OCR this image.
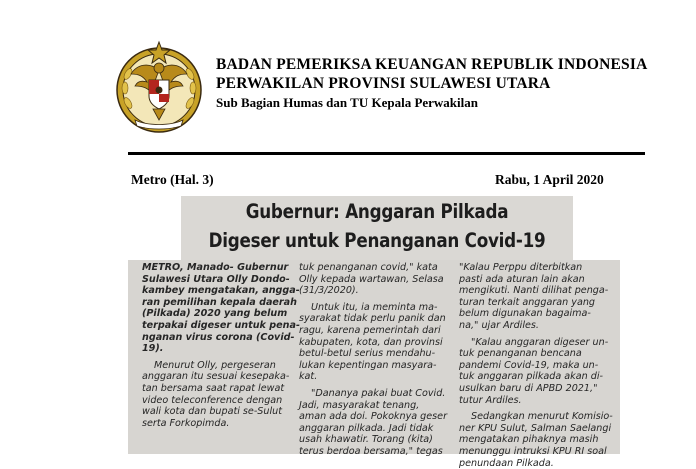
BADAN PEMERIKSA KEUANGAN REPUBLIK INDONESIA
PERWAKILAN PROVINSI SULAWESI UTARA
Sub Bagian Humas dan TU Kepala Perwakilan
Metro (Hal. 3)	Rabu, 1 April 2020
Gubernur: Anggaran Pilkada
Digeser untuk Penanganan Covid-19
METRO, Manado- Gubernur
Sulawesi Utara Olly Dondo-
kambey mengatakan, angga-
ran pemilihan kepala daerah
(Pilkada) 2020 yang belum
terpakai digeser untuk pena-
nganan virus corona (Covid-
19).
Menurut Olly, pergeseran
anggaran itu sesuai kesepaka-
tan bersama saat rapat lewat
video teleconference dengan
wali kota dan bupati se-Sulut
serta Forkopimda.
tuk penanganan covid," kata
Olly kepada wartawan, Selasa
(31/3/2020).
Untuk itu, ia meminta ma-
syarakat tidak perlu panik dan
ragu, karena pemerintah dari
kabupaten, kota, dan provinsi
betul-betul serius mendahu-
lukan kepentingan masyara-
kat.
"Dananya pakai buat Covid.
Jadi, masyarakat tenang,
aman ada doi. Pokoknya geser
anggaran pilkada. Jadi tidak
usah khawatir. Torang (kita)
terus berdoa bersama," tegas
"Kalau Perppu diterbitkan
pasti ada aturan lain akan
mengikuti. Nanti dilihat penga-
turan terkait anggaran yang
belum digunakan bagaima-
na," ujar Ardiles.
"Kalau anggaran digeser un-
tuk penanganan bencana
pandemi Covid-19, maka un-
tuk anggaran pilkada akan di-
usulkan baru di APBD 2021,"
tutur Ardiles.
Sedangkan menurut Komisio-
ner KPU Sulut, Salman Saelangi
mengatakan pihaknya masih
menunggu intruksi KPU RI soal
penundaan Pilkada.
